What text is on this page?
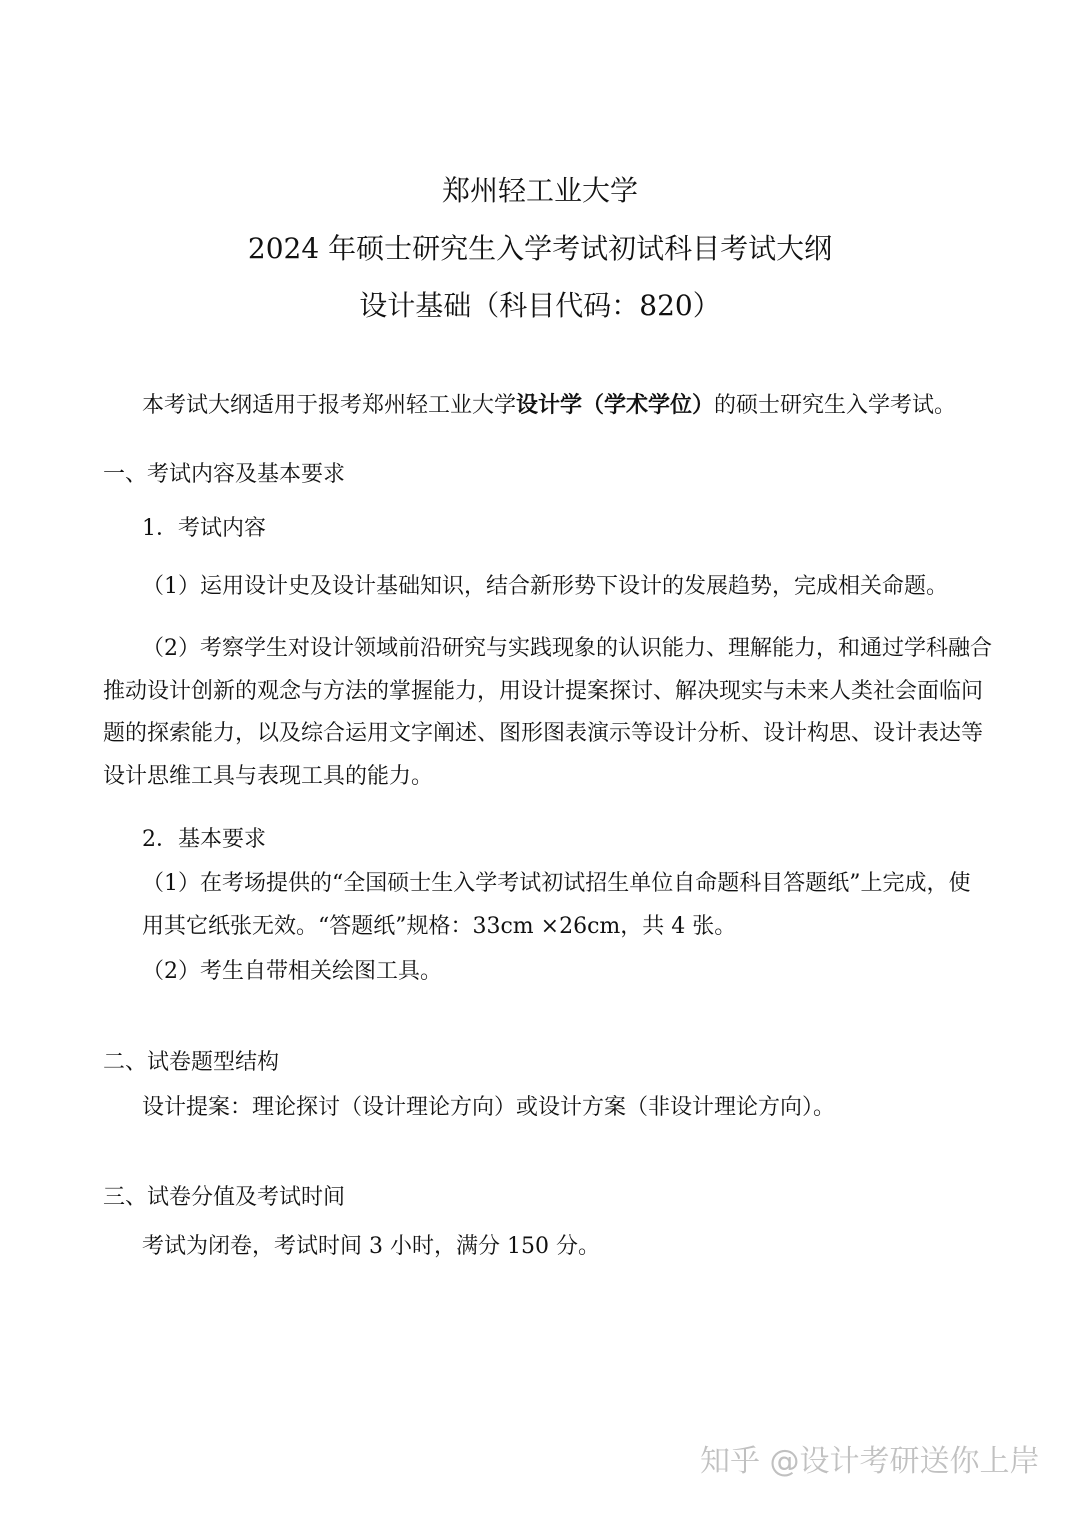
郑州轻工业大学
2024 年硕士研究生入学考试初试科目考试大纲
设计基础（科目代码：820）
本考试大纲适用于报考郑州轻工业大学设计学（学术学位）的硕士研究生入学考试。
一、考试内容及基本要求
1．考试内容
（1）运用设计史及设计基础知识，结合新形势下设计的发展趋势，完成相关命题。
（2）考察学生对设计领域前沿研究与实践现象的认识能力、理解能力，和通过学科融合
推动设计创新的观念与方法的掌握能力，用设计提案探讨、解决现实与未来人类社会面临问
题的探索能力，以及综合运用文字阐述、图形图表演示等设计分析、设计构思、设计表达等
设计思维工具与表现工具的能力。
2．基本要求
（1）在考场提供的“全国硕士生入学考试初试招生单位自命题科目答题纸”上完成，使
用其它纸张无效。“答题纸”规格：33cm ×26cm，共 4 张。
（2）考生自带相关绘图工具。
二、试卷题型结构
设计提案：理论探讨（设计理论方向）或设计方案（非设计理论方向）。
三、试卷分值及考试时间
考试为闭卷，考试时间 3 小时，满分 150 分。
知乎 @设计考研送你上岸
